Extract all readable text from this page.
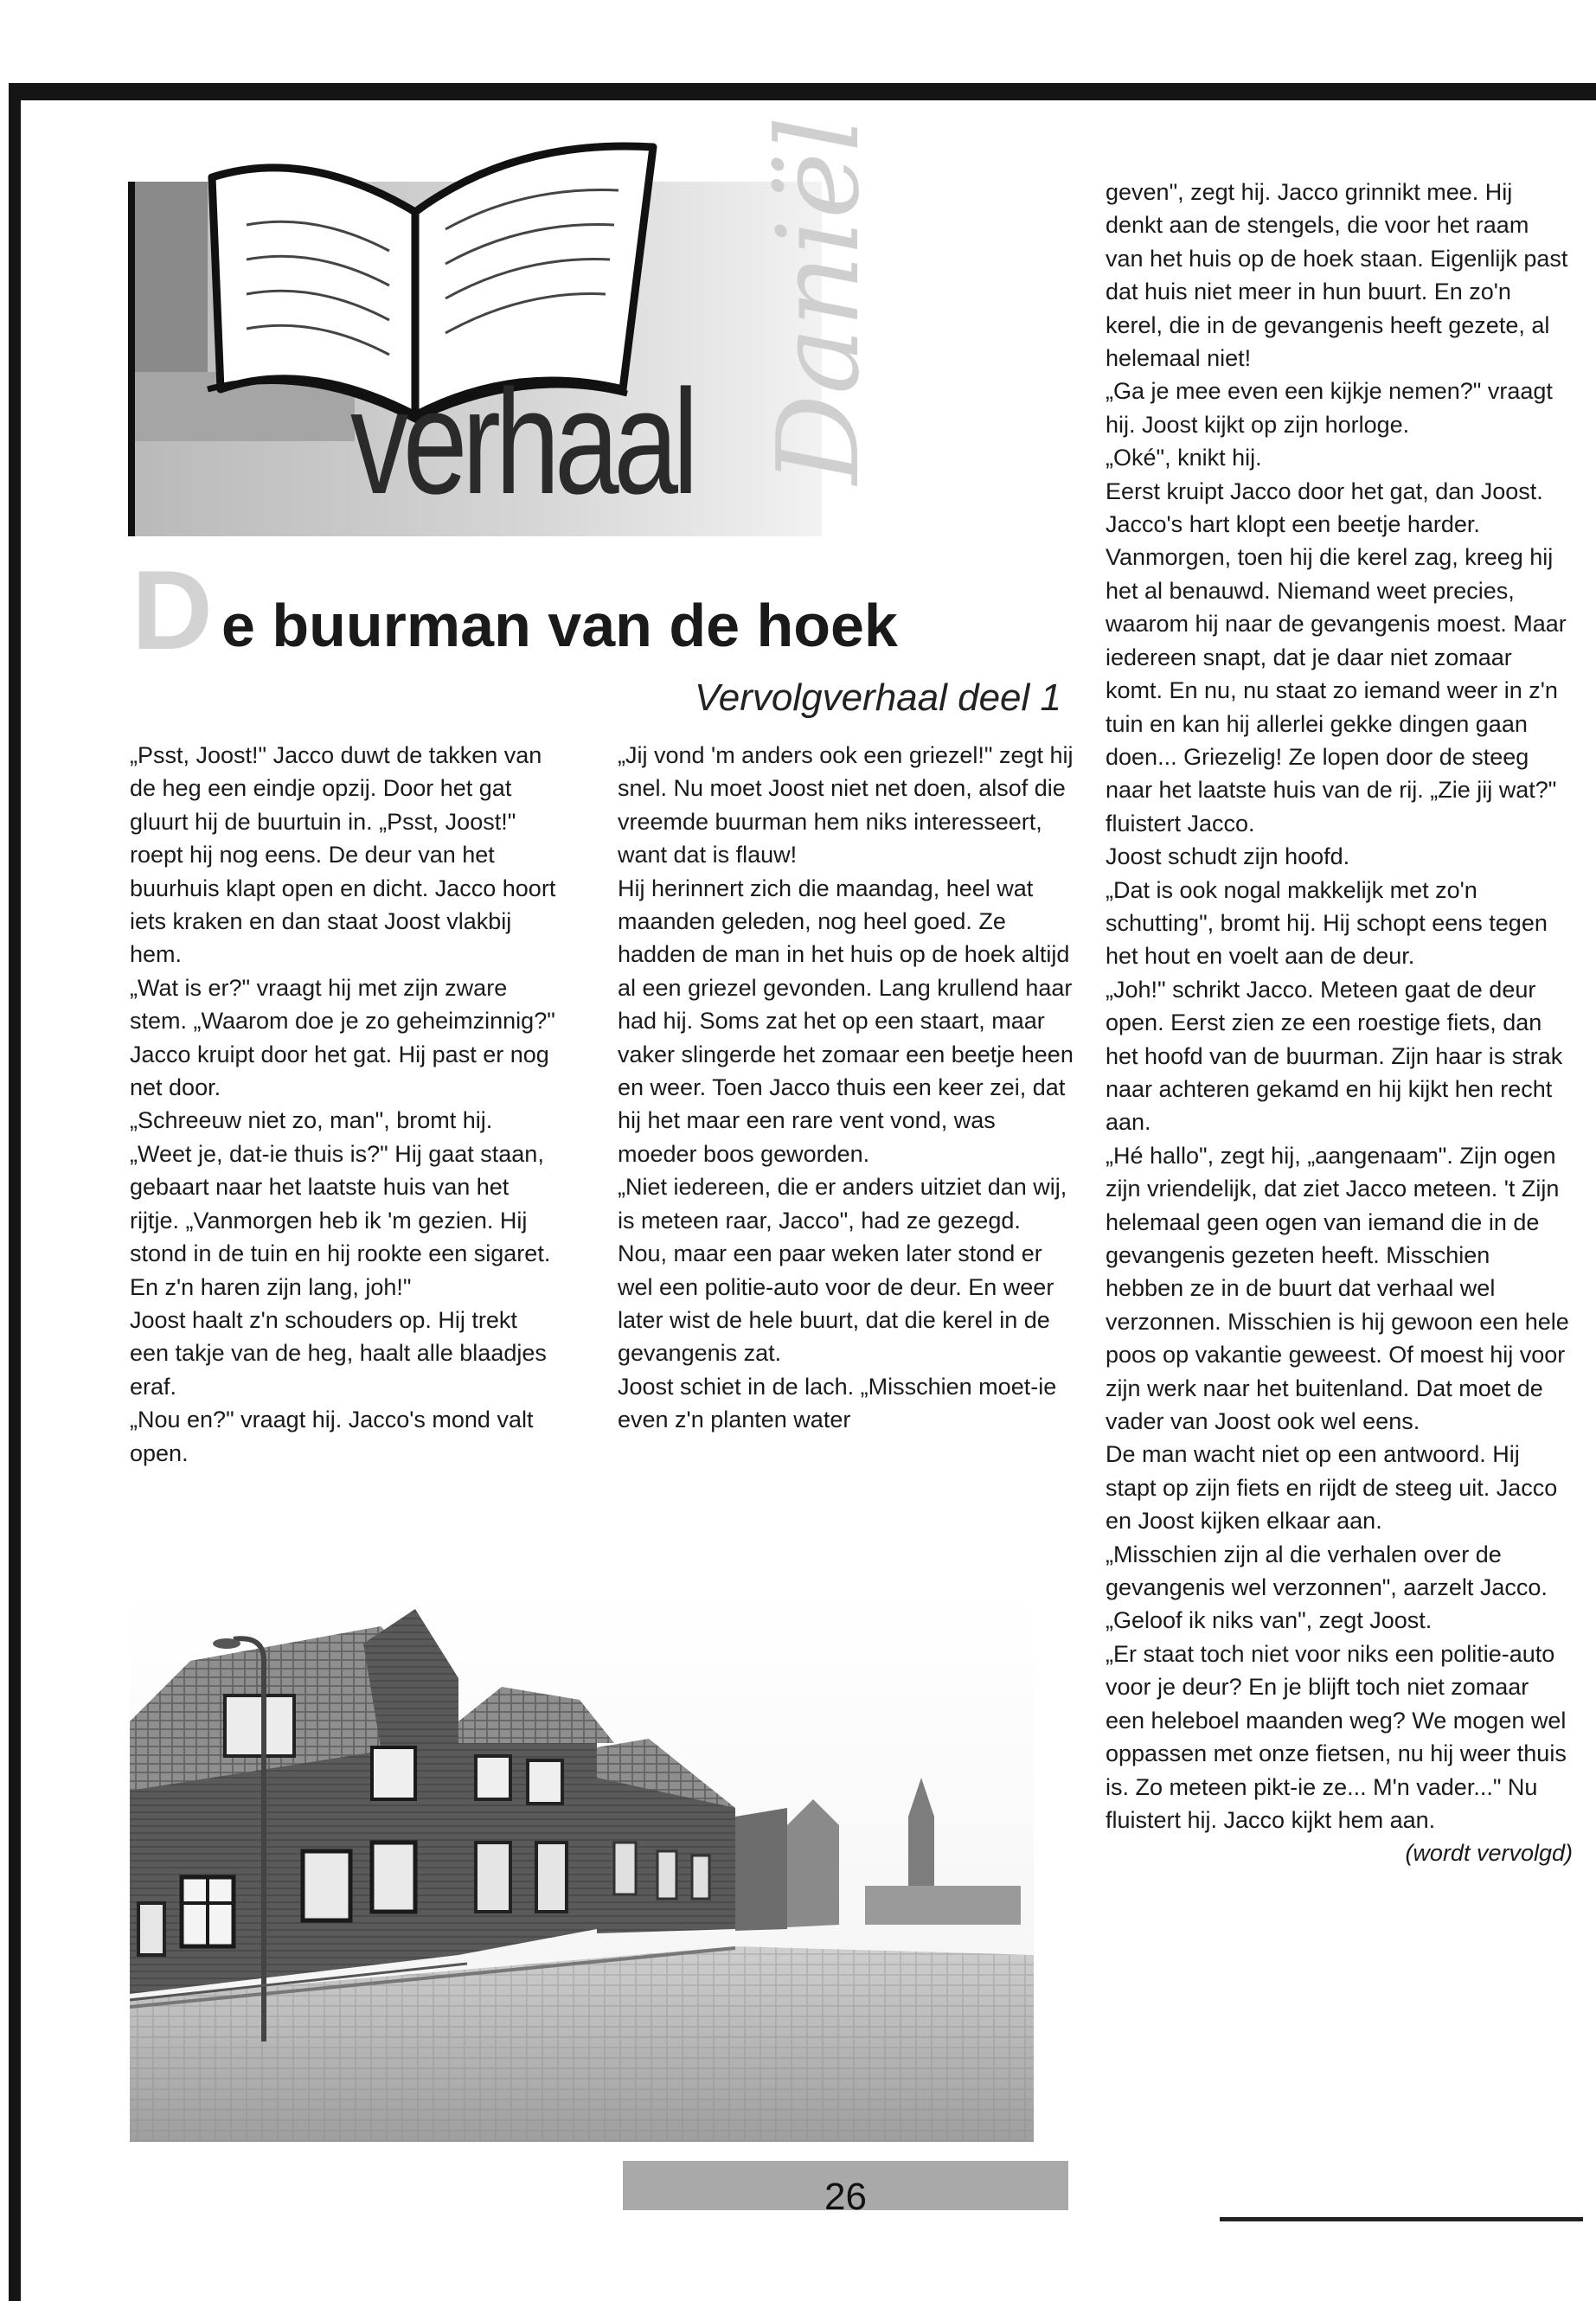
verhaal Daniël
D e buurman van de hoek
Vervolgverhaal deel 1

„Psst, Joost!" Jacco duwt de takken van de heg een eindje opzij. Door het gat gluurt hij de buurtuin in. „Psst, Joost!" roept hij nog eens. De deur van het buurhuis klapt open en dicht. Jacco hoort iets kraken en dan staat Joost vlakbij hem.

„Wat is er?" vraagt hij met zijn zware stem. „Waarom doe je zo geheimzinnig?"

Jacco kruipt door het gat. Hij past er nog net door.

„Schreeuw niet zo, man", bromt hij.

„Weet je, dat-ie thuis is?" Hij gaat staan, gebaart naar het laatste huis van het rijtje. „Vanmorgen heb ik 'm gezien. Hij stond in de tuin en hij rookte een sigaret. En z'n haren zijn lang, joh!"

Joost haalt z'n schouders op. Hij trekt een takje van de heg, haalt alle blaadjes eraf.

„Nou en?" vraagt hij. Jacco's mond valt open.

„Jij vond 'm anders ook een griezel!" zegt hij snel. Nu moet Joost niet net doen, alsof die vreemde buurman hem niks interesseert, want dat is flauw!

Hij herinnert zich die maandag, heel wat maanden geleden, nog heel goed. Ze hadden de man in het huis op de hoek altijd al een griezel gevonden. Lang krullend haar had hij. Soms zat het op een staart, maar vaker slingerde het zomaar een beetje heen en weer. Toen Jacco thuis een keer zei, dat hij het maar een rare vent vond, was moeder boos geworden.

„Niet iedereen, die er anders uitziet dan wij, is meteen raar, Jacco", had ze gezegd. Nou, maar een paar weken later stond er wel een politie-auto voor de deur. En weer later wist de hele buurt, dat die kerel in de gevangenis zat.

Joost schiet in de lach. „Misschien moet-ie even z'n planten water

geven", zegt hij. Jacco grinnikt mee. Hij denkt aan de stengels, die voor het raam van het huis op de hoek staan. Eigenlijk past dat huis niet meer in hun buurt. En zo'n kerel, die in de gevangenis heeft gezete, al helemaal niet!

„Ga je mee even een kijkje nemen?" vraagt hij. Joost kijkt op zijn horloge.

„Oké", knikt hij.

Eerst kruipt Jacco door het gat, dan Joost. Jacco's hart klopt een beetje harder. Vanmorgen, toen hij die kerel zag, kreeg hij het al benauwd. Niemand weet precies, waarom hij naar de gevangenis moest. Maar iedereen snapt, dat je daar niet zomaar komt. En nu, nu staat zo iemand weer in z'n tuin en kan hij allerlei gekke dingen gaan doen... Griezelig! Ze lopen door de steeg naar het laatste huis van de rij. „Zie jij wat?" fluistert Jacco.

Joost schudt zijn hoofd.

„Dat is ook nogal makkelijk met zo'n schutting", bromt hij. Hij schopt eens tegen het hout en voelt aan de deur.

„Joh!" schrikt Jacco. Meteen gaat de deur open. Eerst zien ze een roestige fiets, dan het hoofd van de buurman. Zijn haar is strak naar achteren gekamd en hij kijkt hen recht aan.

„Hé hallo", zegt hij, „aangenaam". Zijn ogen zijn vriendelijk, dat ziet Jacco meteen. 't Zijn helemaal geen ogen van iemand die in de gevangenis gezeten heeft. Misschien hebben ze in de buurt dat verhaal wel verzonnen. Misschien is hij gewoon een hele poos op vakantie geweest. Of moest hij voor zijn werk naar het buitenland. Dat moet de vader van Joost ook wel eens.

De man wacht niet op een antwoord. Hij stapt op zijn fiets en rijdt de steeg uit. Jacco en Joost kijken elkaar aan.

„Misschien zijn al die verhalen over de gevangenis wel verzonnen", aarzelt Jacco.

„Geloof ik niks van", zegt Joost.

„Er staat toch niet voor niks een politie-auto voor je deur? En je blijft toch niet zomaar een heleboel maanden weg? We mogen wel oppassen met onze fietsen, nu hij weer thuis is. Zo meteen pikt-ie ze... M'n vader..." Nu fluistert hij. Jacco kijkt hem aan.

(wordt vervolgd)

26
